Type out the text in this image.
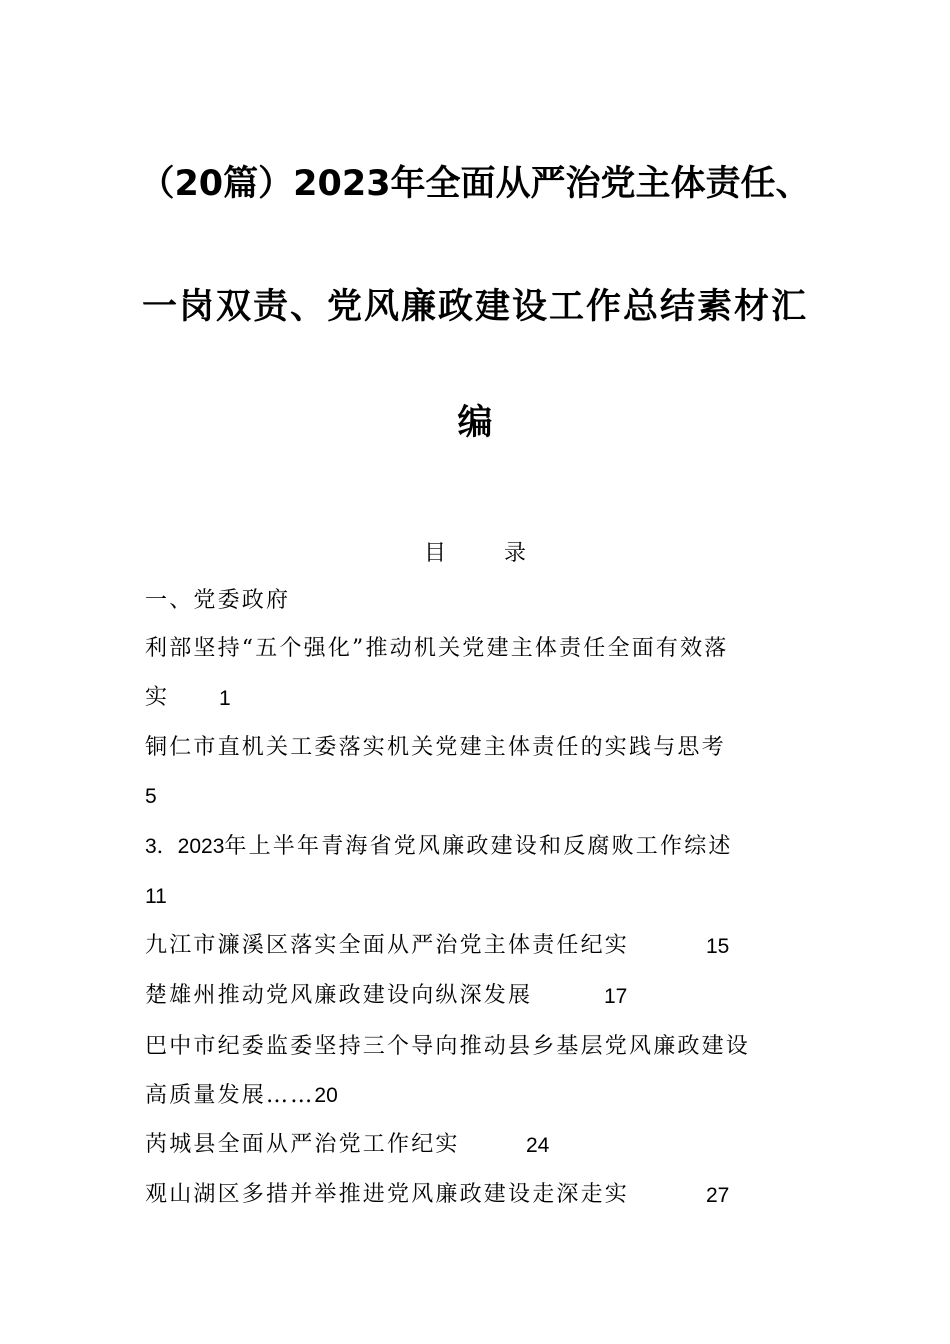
（20篇）2023年全面从严治党主体责任、
一岗双责、党风廉政建设工作总结素材汇
编
目	录
一、党委政府
利部坚持“五个强化”推动机关党建主体责任全面有效落
实 1
铜仁市直机关工委落实机关党建主体责任的实践与思考
5
3．2023年上半年青海省党风廉政建设和反腐败工作综述
11
九江市濂溪区落实全面从严治党主体责任纪实	15
楚雄州推动党风廉政建设向纵深发展	17
巴中市纪委监委坚持三个导向推动县乡基层党风廉政建设
高质量发展……20
芮城县全面从严治党工作纪实	24
观山湖区多措并举推进党风廉政建设走深走实	27
